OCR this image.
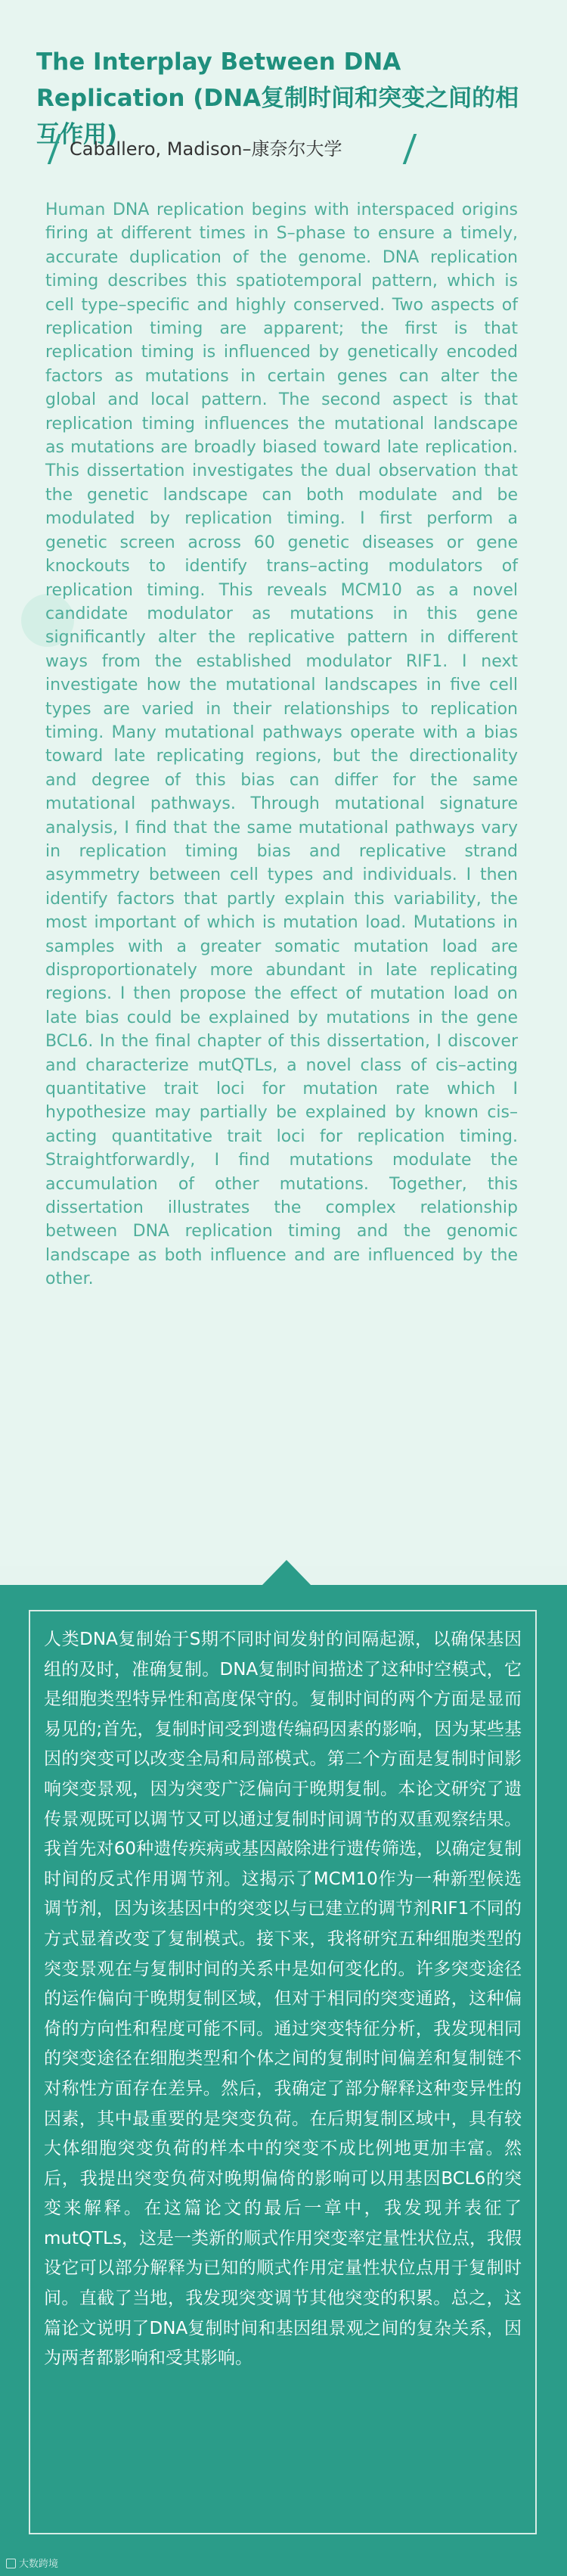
The Interplay Between DNA Replication (DNA复制时间和突变之间的相互作用)
Caballero, Madison–康奈尔大学

Human DNA replication begins with interspaced origins firing at different times in S–phase to ensure a timely, accurate duplication of the genome. DNA replication timing describes this spatiotemporal pattern, which is cell type–specific and highly conserved. Two aspects of replication timing are apparent; the first is that replication timing is influenced by genetically encoded factors as mutations in certain genes can alter the global and local pattern. The second aspect is that replication timing influences the mutational landscape as mutations are broadly biased toward late replication. This dissertation investigates the dual observation that the genetic landscape can both modulate and be modulated by replication timing. I first perform a genetic screen across 60 genetic diseases or gene knockouts to identify trans–acting modulators of replication timing. This reveals MCM10 as a novel candidate modulator as mutations in this gene significantly alter the replicative pattern in different ways from the established modulator RIF1. I next investigate how the mutational landscapes in five cell types are varied in their relationships to replication timing. Many mutational pathways operate with a bias toward late replicating regions, but the directionality and degree of this bias can differ for the same mutational pathways. Through mutational signature analysis, I find that the same mutational pathways vary in replication timing bias and replicative strand asymmetry between cell types and individuals. I then identify factors that partly explain this variability, the most important of which is mutation load. Mutations in samples with a greater somatic mutation load are disproportionately more abundant in late replicating regions. I then propose the effect of mutation load on late bias could be explained by mutations in the gene BCL6. In the final chapter of this dissertation, I discover and characterize mutQTLs, a novel class of cis–acting quantitative trait loci for mutation rate which I hypothesize may partially be explained by known cis–acting quantitative trait loci for replication timing. Straightforwardly, I find mutations modulate the accumulation of other mutations. Together, this dissertation illustrates the complex relationship between DNA replication timing and the genomic landscape as both influence and are influenced by the other.

人类DNA复制始于S期不同时间发射的间隔起源，以确保基因组的及时，准确复制。DNA复制时间描述了这种时空模式，它是细胞类型特异性和高度保守的。复制时间的两个方面是显而易见的;首先，复制时间受到遗传编码因素的影响，因为某些基因的突变可以改变全局和局部模式。第二个方面是复制时间影响突变景观，因为突变广泛偏向于晚期复制。本论文研究了遗传景观既可以调节又可以通过复制时间调节的双重观察结果。我首先对60种遗传疾病或基因敲除进行遗传筛选，以确定复制时间的反式作用调节剂。这揭示了MCM10作为一种新型候选调节剂，因为该基因中的突变以与已建立的调节剂RIF1不同的方式显着改变了复制模式。接下来，我将研究五种细胞类型的突变景观在与复制时间的关系中是如何变化的。许多突变途径的运作偏向于晚期复制区域，但对于相同的突变通路，这种偏倚的方向性和程度可能不同。通过突变特征分析，我发现相同的突变途径在细胞类型和个体之间的复制时间偏差和复制链不对称性方面存在差异。然后，我确定了部分解释这种变异性的因素，其中最重要的是突变负荷。在后期复制区域中，具有较大体细胞突变负荷的样本中的突变不成比例地更加丰富。然后，我提出突变负荷对晚期偏倚的影响可以用基因BCL6的突变来解释。在这篇论文的最后一章中，我发现并表征了mutQTLs，这是一类新的顺式作用突变率定量性状位点，我假设它可以部分解释为已知的顺式作用定量性状位点用于复制时间。直截了当地，我发现突变调节其他突变的积累。总之，这篇论文说明了DNA复制时间和基因组景观之间的复杂关系，因为两者都影响和受其影响。

大数跨境
